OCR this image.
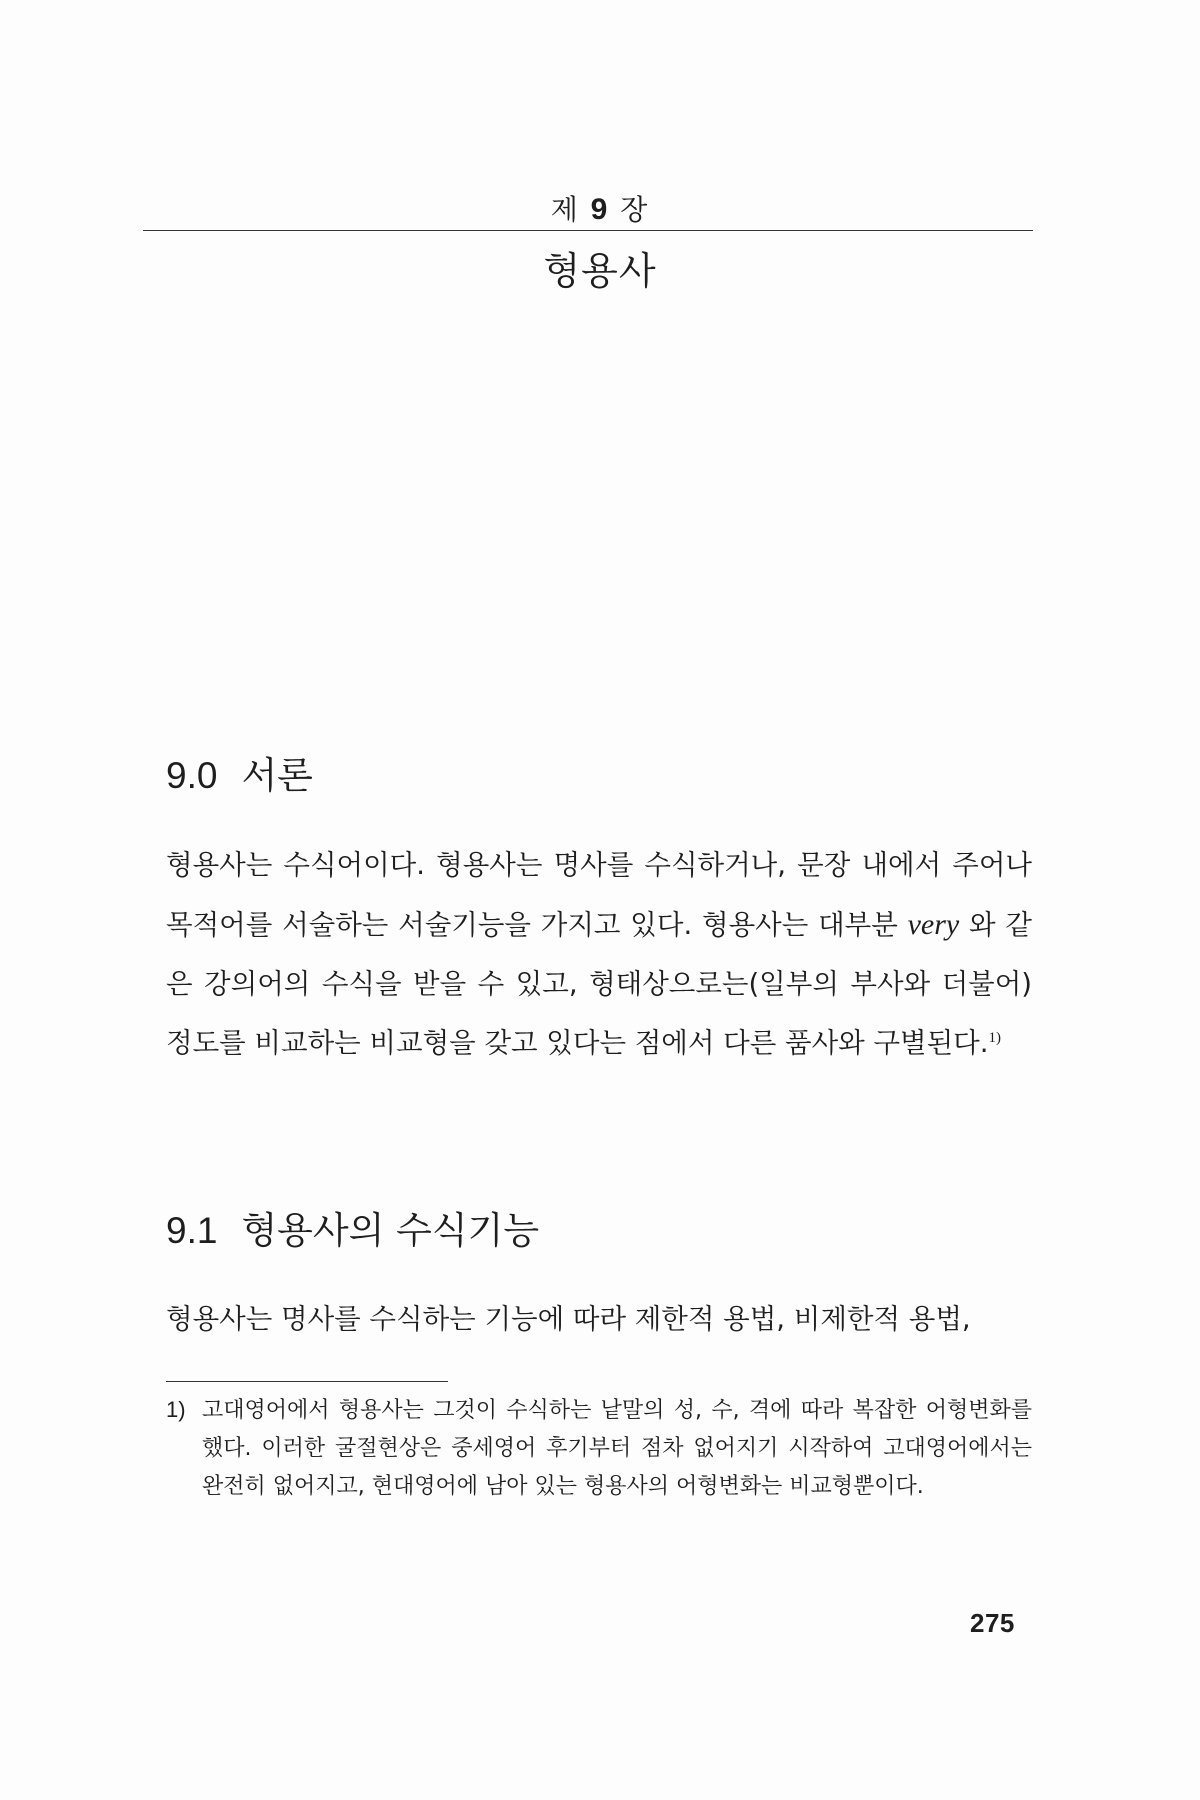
제 9 장
형용사
9.0 서론

형용사는 수식어이다. 형용사는 명사를 수식하거나, 문장 내에서 주어나 목적어를 서술하는 서술기능을 가지고 있다. 형용사는 대부분 very 와 같은 강의어의 수식을 받을 수 있고, 형태상으로는(일부의 부사와 더불어) 정도를 비교하는 비교형을 갖고 있다는 점에서 다른 품사와 구별된다.$^{1)}$

9.1 형용사의 수식기능

형용사는 명사를 수식하는 기능에 따라 제한적 용법, 비제한적 용법,

1) 고대영어에서 형용사는 그것이 수식하는 낱말의 성, 수, 격에 따라 복잡한 어형변화를 했다. 이러한 굴절현상은 중세영어 후기부터 점차 없어지기 시작하여 고대영어에서는 완전히 없어지고, 현대영어에 남아 있는 형용사의 어형변화는 비교형뿐이다.

275
